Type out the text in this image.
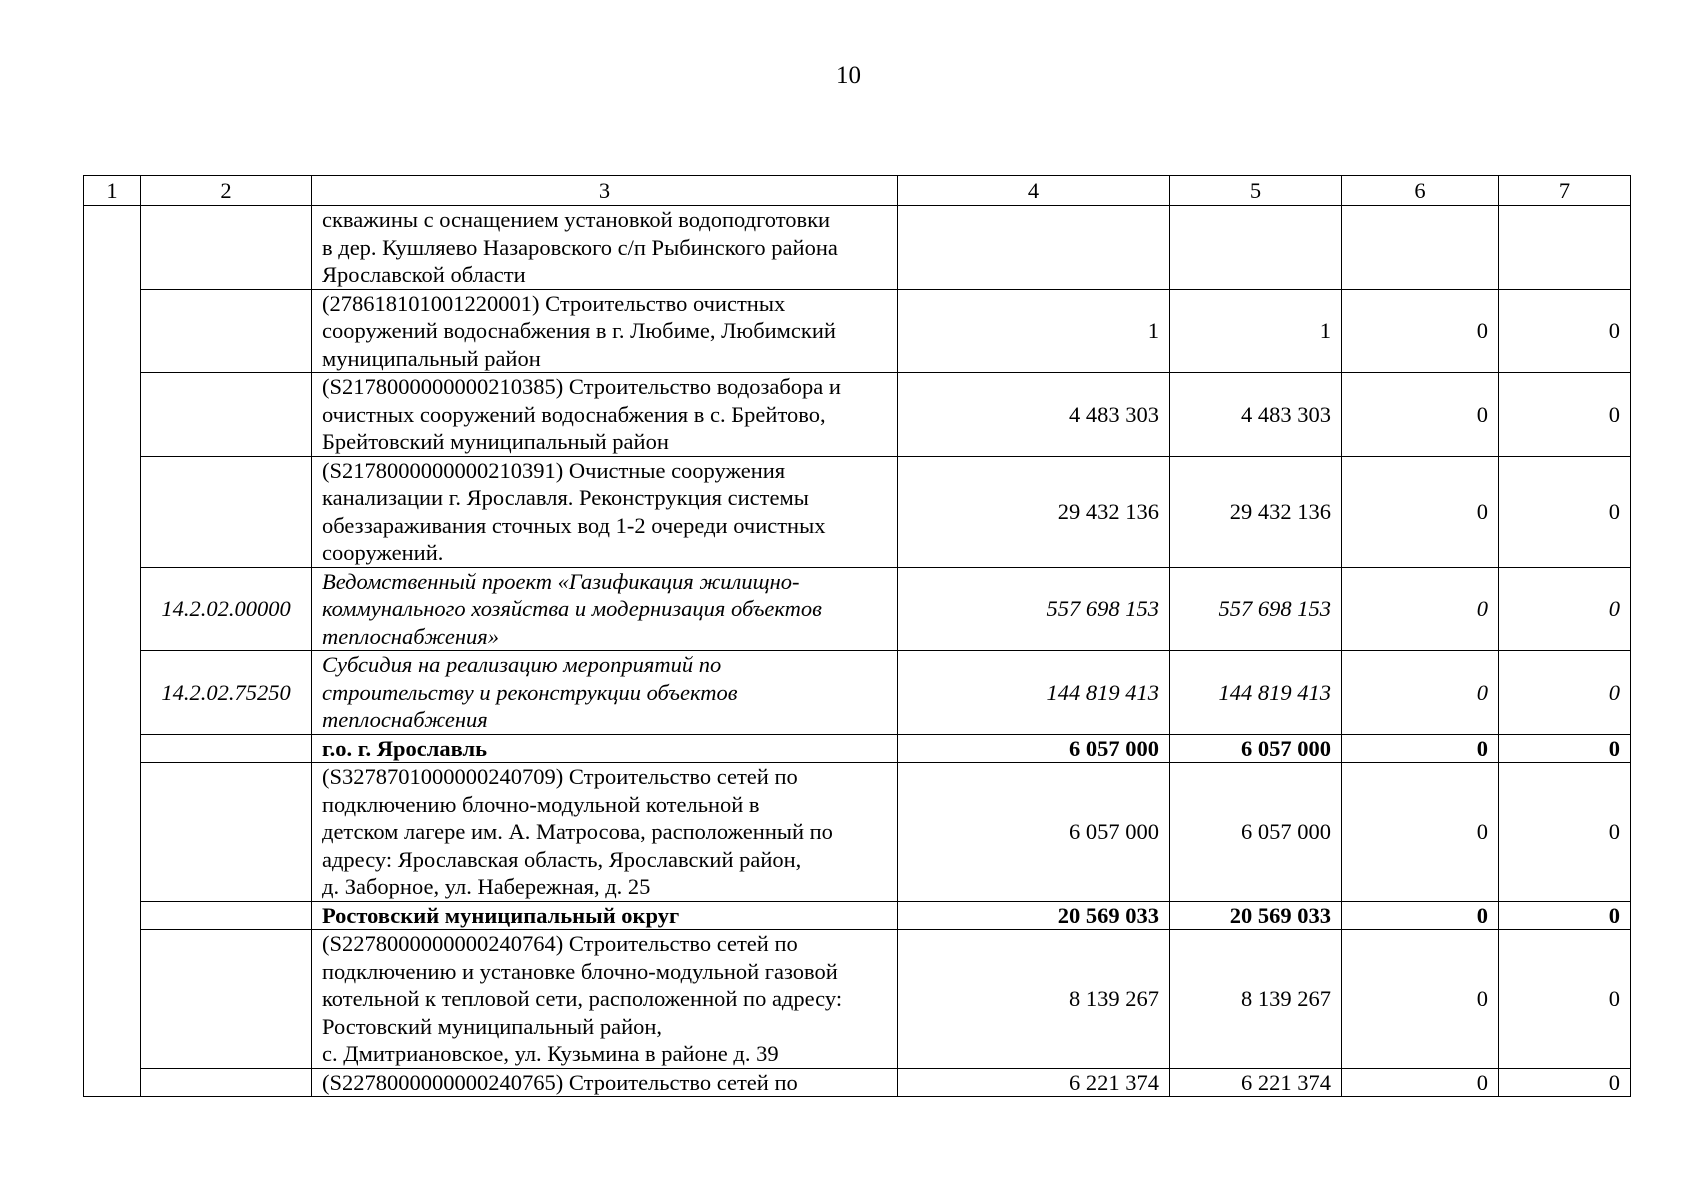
10
1	2	3	4	5	6	7

		скважины с оснащением установкой водоподготовки
в дер. Кушляево Назаровского с/п Рыбинского района
Ярославской области				

		(278618101001220001) Строительство очистных
сооружений водоснабжения в г. Любиме, Любимский
муниципальный район	1	1	0	0

		(S2178000000000210385) Строительство водозабора и
очистных сооружений водоснабжения в с. Брейтово,
Брейтовский муниципальный район	4 483 303	4 483 303	0	0

		(S2178000000000210391) Очистные сооружения
канализации г. Ярославля. Реконструкция системы
обеззараживания сточных вод 1-2 очереди очистных
сооружений.	29 432 136	29 432 136	0	0
	14.2.02.00000	Ведомственный проект «Газификация жилищно-
коммунального хозяйства и модернизация объектов
теплоснабжения»	557 698 153	557 698 153	0	0
	14.2.02.75250	Субсидия на реализацию мероприятий по
строительству и реконструкции объектов
теплоснабжения	144 819 413	144 819 413	0	0

		г.о. г. Ярославль	6 057 000	6 057 000	0	0

		(S3278701000000240709) Строительство сетей по
подключению блочно-модульной котельной в
детском лагере им. А. Матросова, расположенный по
адресу: Ярославская область, Ярославский район,
д. Заборное, ул. Набережная, д. 25	6 057 000	6 057 000	0	0

		Ростовский муниципальный округ	20 569 033	20 569 033	0	0

		(S2278000000000240764) Строительство сетей по
подключению и установке блочно-модульной газовой
котельной к тепловой сети, расположенной по адресу:
Ростовский муниципальный район,
с. Дмитриановское, ул. Кузьмина в районе д. 39	8 139 267	8 139 267	0	0

		(S2278000000000240765) Строительство сетей по	6 221 374	6 221 374	0	0
